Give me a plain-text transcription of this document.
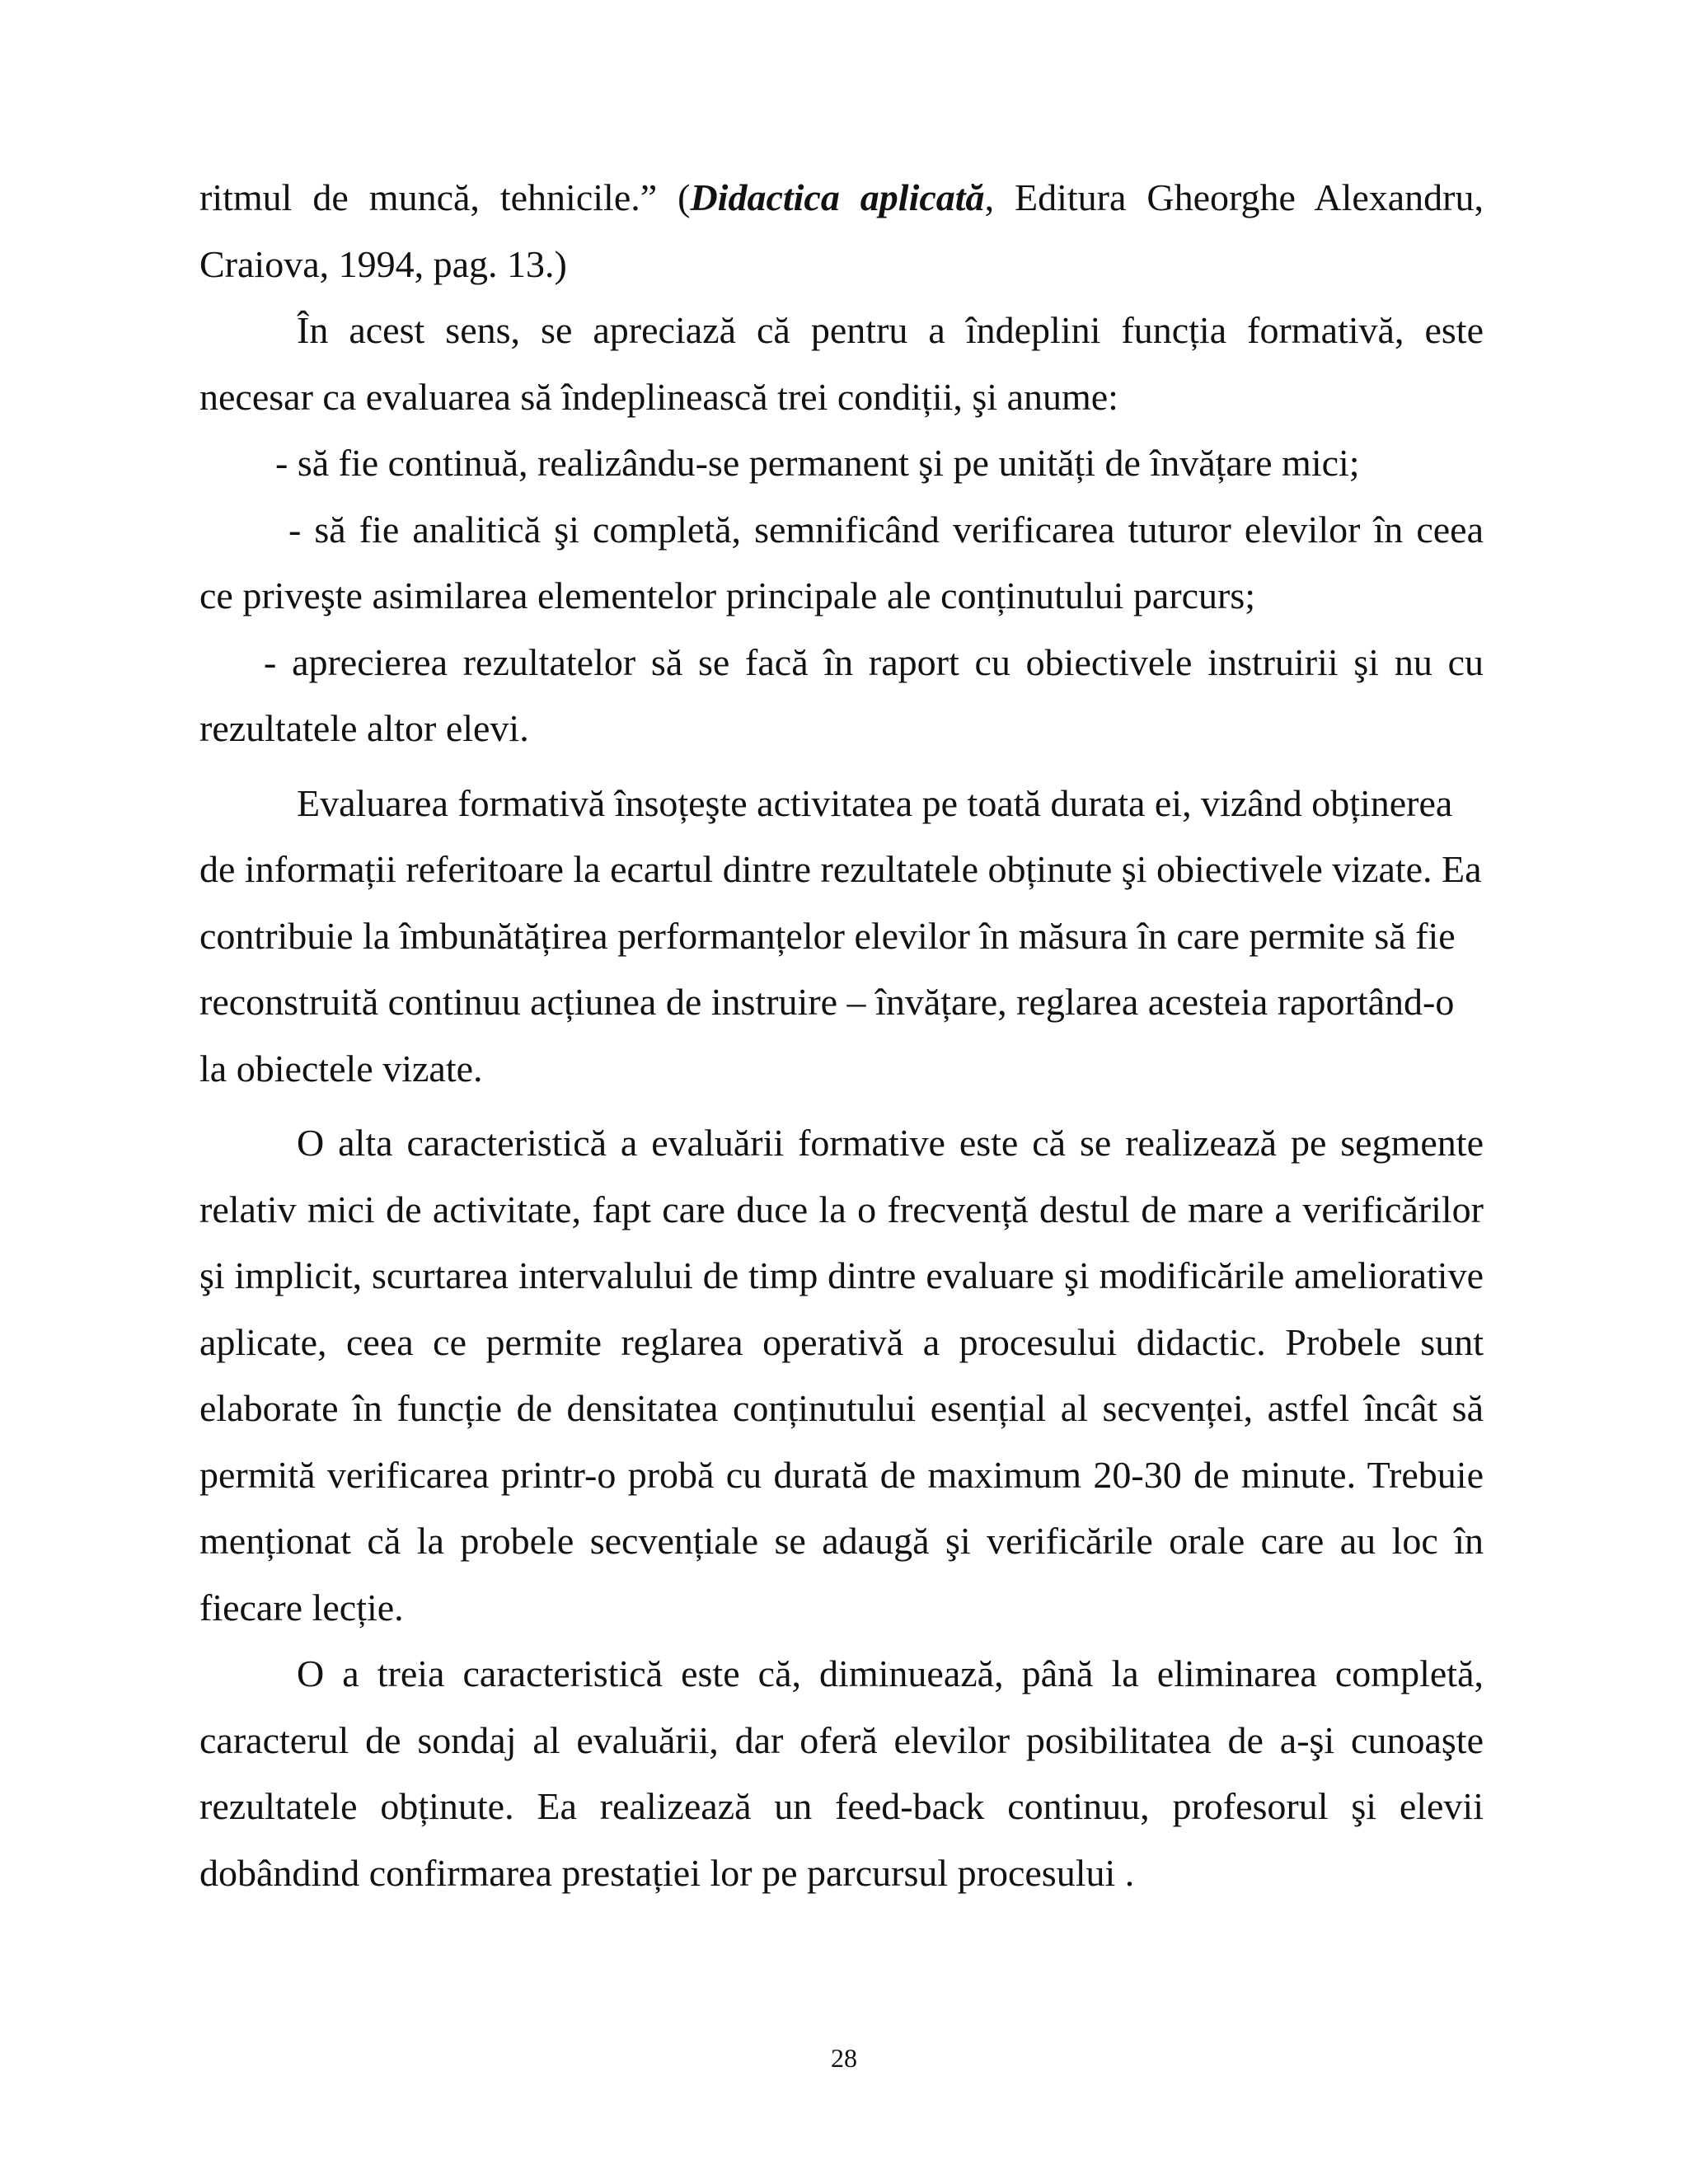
ritmul de muncă, tehnicile.” (Didactica aplicată, Editura Gheorghe Alexandru, Craiova, 1994, pag. 13.)

În acest sens, se apreciază că pentru a îndeplini funcția formativă, este necesar ca evaluarea să îndeplinească trei condiții, şi anume:

- să fie continuă, realizându-se permanent şi pe unități de învățare mici;

- să fie analitică şi completă, semnificând verificarea tuturor elevilor în ceea ce priveşte asimilarea elementelor principale ale conținutului parcurs;

- aprecierea rezultatelor să se facă în raport cu obiectivele instruirii şi nu cu rezultatele altor elevi.

Evaluarea formativă însoțeşte activitatea pe toată durata ei, vizând obținerea de informații referitoare la ecartul dintre rezultatele obținute şi obiectivele vizate. Ea contribuie la îmbunătățirea performanțelor elevilor în măsura în care permite să fie reconstruită continuu acțiunea de instruire – învățare, reglarea acesteia raportând-o la obiectele vizate.

O alta caracteristică a evaluării formative este că se realizează pe segmente relativ mici de activitate, fapt care duce la o frecvență destul de mare a verificărilor şi implicit, scurtarea intervalului de timp dintre evaluare şi modificările ameliorative aplicate, ceea ce permite reglarea operativă a procesului didactic. Probele sunt elaborate în funcție de densitatea conținutului esențial al secvenței, astfel încât să permită verificarea printr-o probă cu durată de maximum 20-30 de minute. Trebuie menționat că la probele secvențiale se adaugă şi verificările orale care au loc în fiecare lecție.

O a treia caracteristică este că, diminuează, până la eliminarea completă, caracterul de sondaj al evaluării, dar oferă elevilor posibilitatea de a-şi cunoaşte rezultatele obținute. Ea realizează un feed-back continuu, profesorul şi elevii dobândind confirmarea prestației lor pe parcursul procesului .

28
